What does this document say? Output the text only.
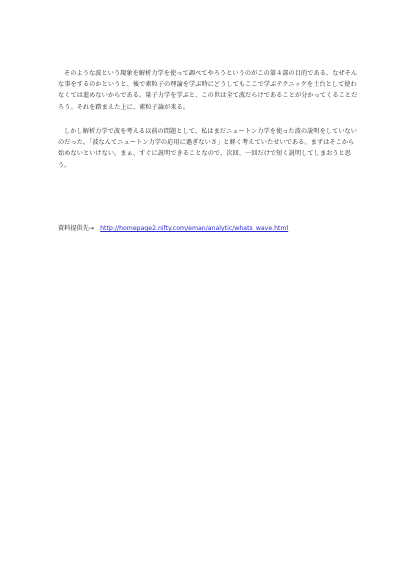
そのような波という現象を解析力学を使って調べてやろうというのがこの第４部の目的である。なぜそんな事をするのかというと、後で素粒子の理論を学ぶ時にどうしてもここで学ぶテクニックを土台として使わなくては進めないからである。量子力学を学ぶと、この世は全て波だらけであることが分かってくることだろう。それを踏まえた上に、素粒子論が来る。

しかし解析力学で波を考える以前の問題として、私はまだニュートン力学を使った波の説明をしていないのだった。「波なんてニュートン力学の応用に過ぎないさ」と軽く考えていたせいである。まずはそこから始めないといけない。まぁ、すぐに説明できることなので、次回、一回だけで短く説明してしまおうと思う。

資料提供先→ http://homepage2.nifty.com/eman/analytic/whats_wave.html
